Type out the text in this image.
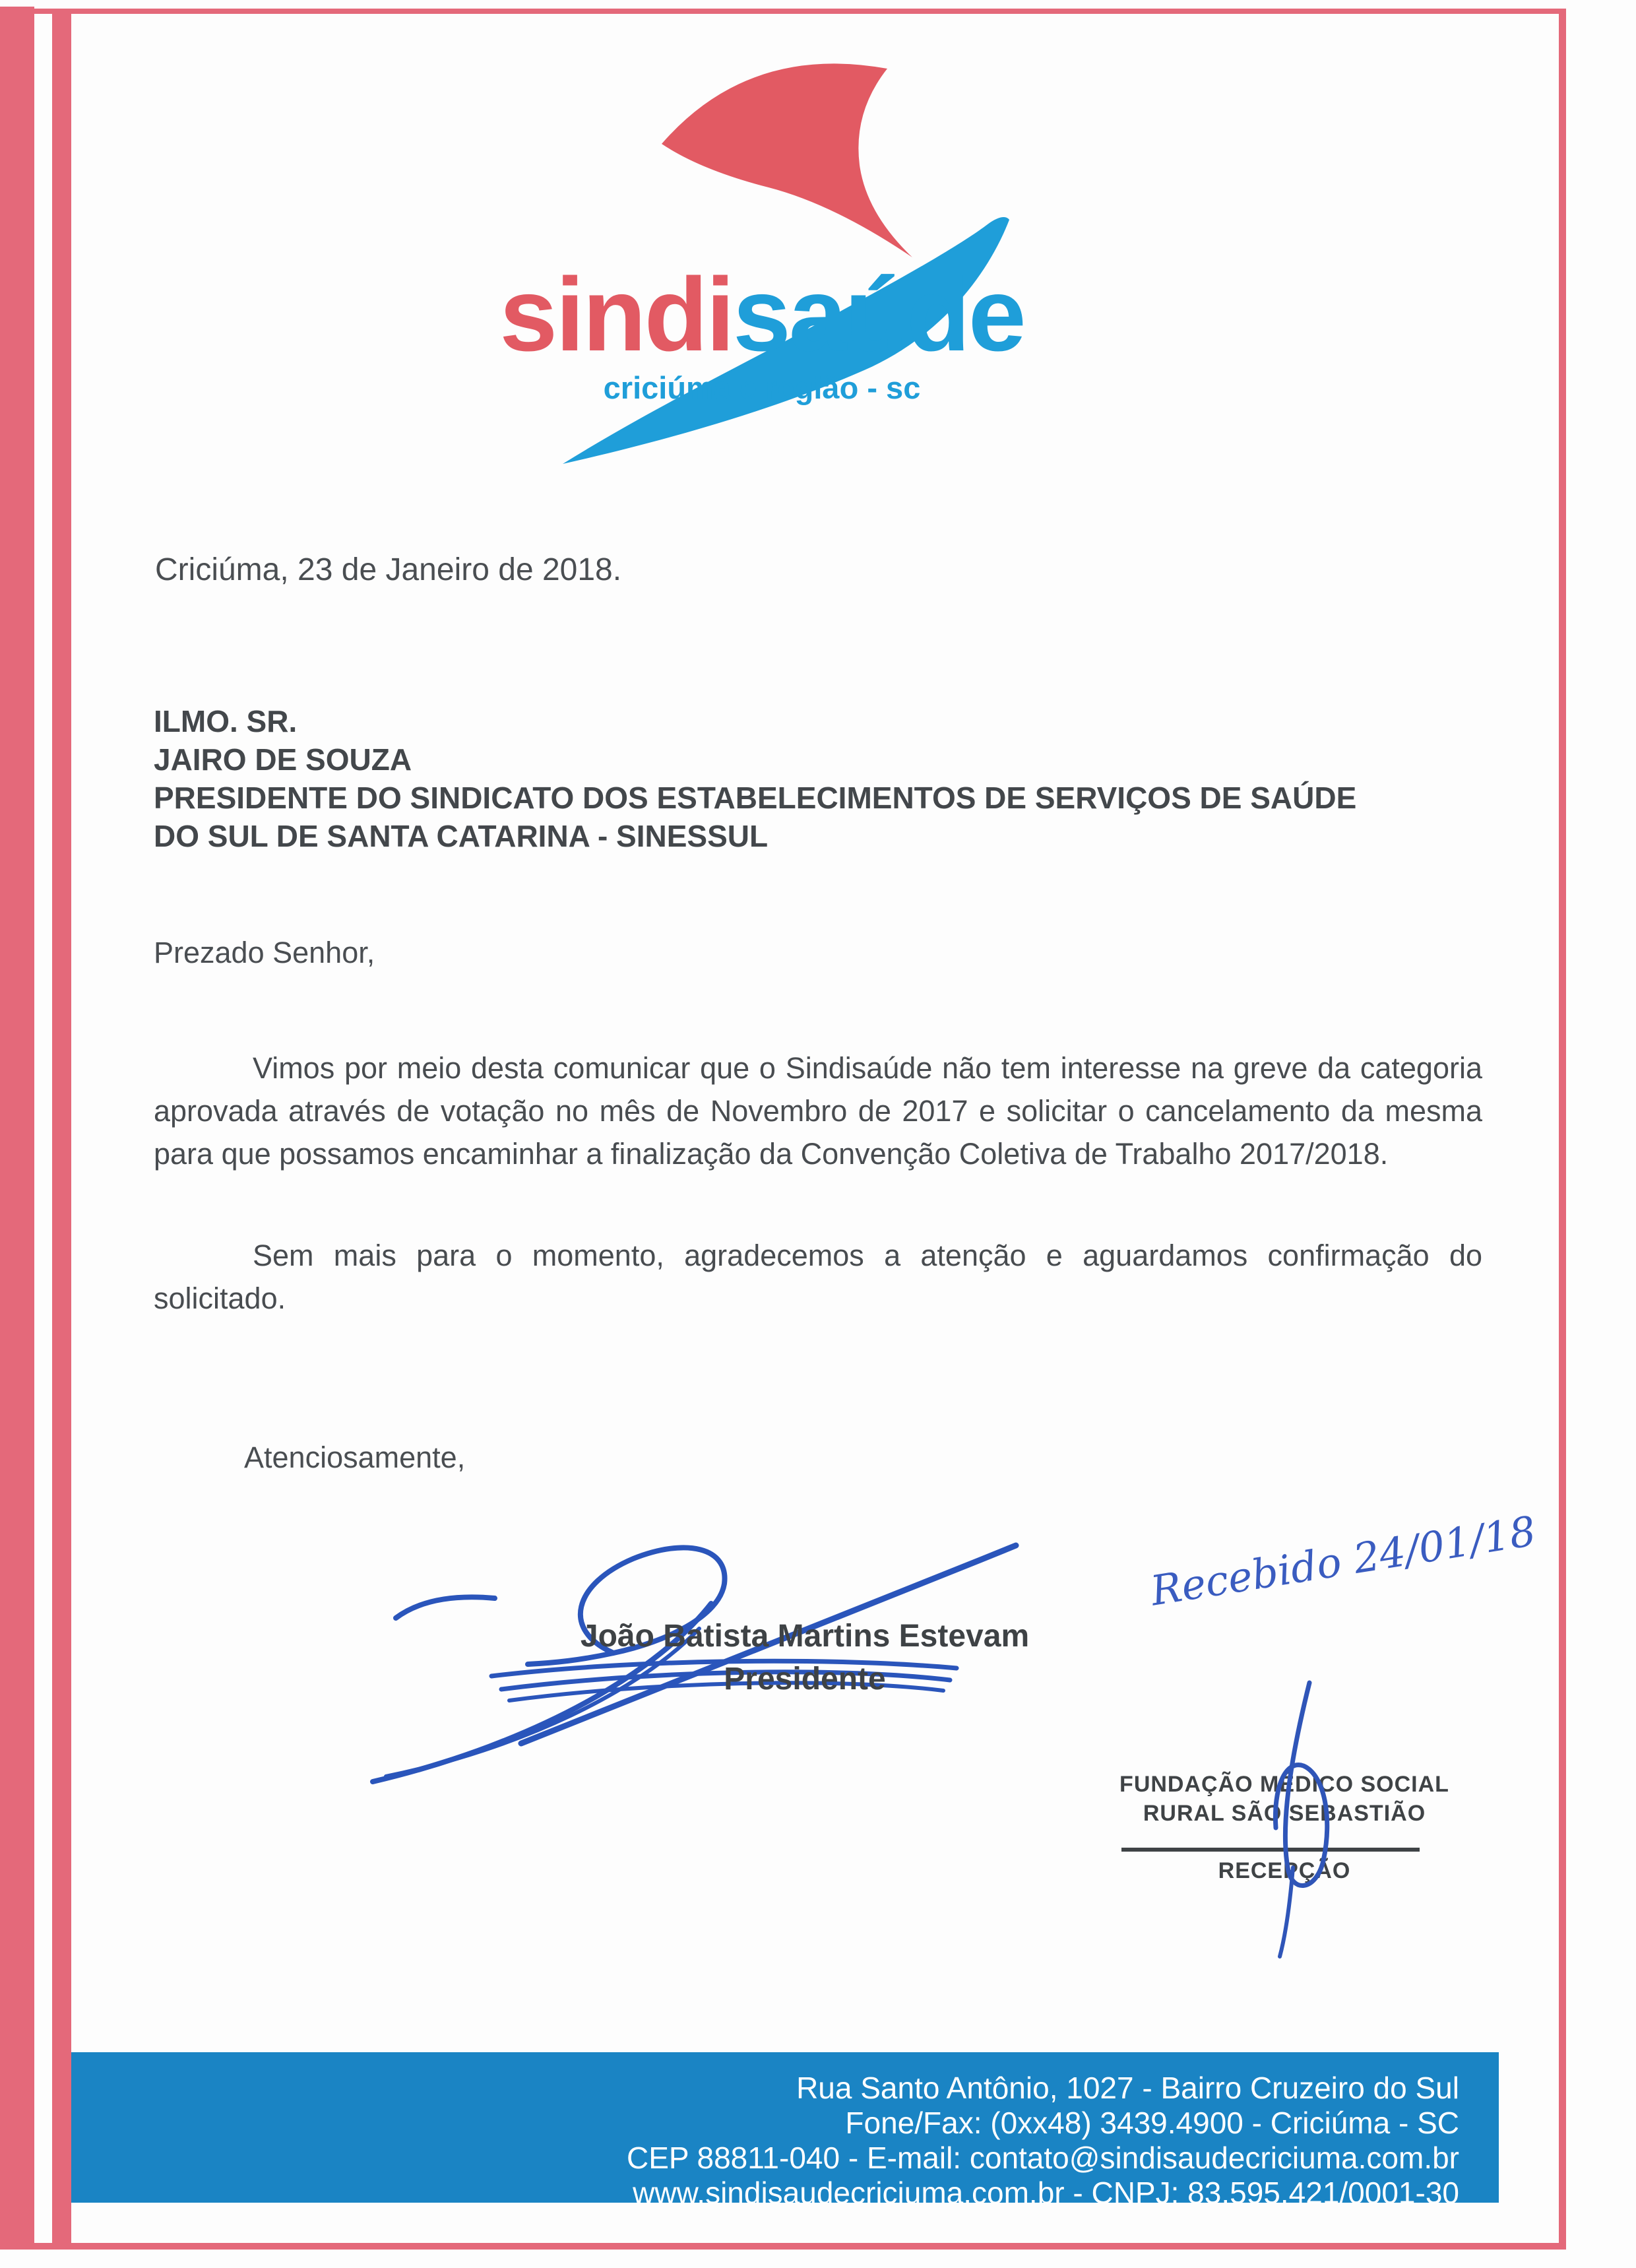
sindisaúde
criciúma e região - sc
Criciúma, 23 de Janeiro de 2018.
ILMO. SR.
JAIRO DE SOUZA
PRESIDENTE DO SINDICATO DOS ESTABELECIMENTOS DE SERVIÇOS DE SAÚDE
DO SUL DE SANTA CATARINA - SINESSUL
Prezado Senhor,
Vimos por meio desta comunicar que o Sindisaúde não tem interesse na greve da categoria aprovada através de votação no mês de Novembro de 2017 e solicitar o cancelamento da mesma para que possamos encaminhar a finalização da Convenção Coletiva de Trabalho 2017/2018.
Sem mais para o momento, agradecemos a atenção e aguardamos confirmação do solicitado.
Atenciosamente,
João Batista Martins Estevam
Presidente
Recebido 24/01/18
FUNDAÇÃO MÉDICO SOCIAL
RURAL SÃO SEBASTIÃO
RECEPÇÃO
Rua Santo Antônio, 1027 - Bairro Cruzeiro do Sul
Fone/Fax: (0xx48) 3439.4900 - Criciúma - SC
CEP 88811-040 - E-mail: contato@sindisaudecriciuma.com.br
www.sindisaudecriciuma.com.br - CNPJ: 83.595.421/0001-30
